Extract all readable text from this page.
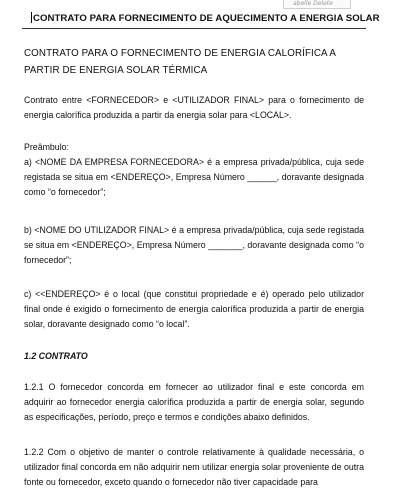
abelle Delete
CONTRATO PARA FORNECIMENTO DE AQUECIMENTO A ENERGIA SOLAR

CONTRATO PARA O FORNECIMENTO DE ENERGIA CALORÍFICA A PARTIR DE ENERGIA SOLAR TÉRMICA

Contrato entre <FORNECEDOR> e <UTILIZADOR FINAL> para o fornecimento de energia calorífica produzida a partir da energia solar para <LOCAL>.

Preâmbulo:

a) <NOME DA EMPRESA FORNECEDORA> é a empresa privada/pública, cuja sede registada se situa em <ENDEREÇO>, Empresa Número ______, doravante designada como “o fornecedor”;

b) <NOME DO UTILIZADOR FINAL> é a empresa privada/pública, cuja sede registada se situa em <ENDEREÇO>, Empresa Número _______, doravante designada como “o fornecedor”;

c) <<ENDEREÇO> é o local (que constitui propriedade e é) operado pelo utilizador final onde é exigido o fornecimento de energia calorífica produzida a partir de energia solar, doravante designado como “o local”.

1.2 CONTRATO

1.2.1 O fornecedor concorda em fornecer ao utilizador final e este concorda em adquirir ao fornecedor energia calorífica produzida a partir de energia solar, segundo as especificações, período, preço e termos e condições abaixo definidos.

1.2.2 Com o objetivo de manter o controle relativamente à qualidade necessária, o utilizador final concorda em não adquirir nem utilizar energia solar proveniente de outra fonte ou fornecedor, exceto quando o fornecedor não tiver capacidade para
